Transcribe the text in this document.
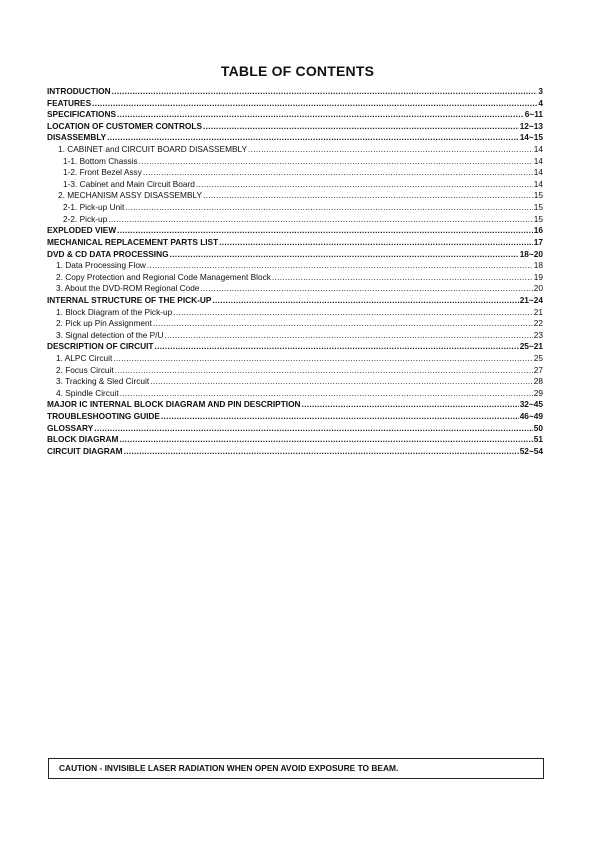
TABLE OF CONTENTS
INTRODUCTION .....	3
FEATURES .....	4
SPECIFICATIONS .....	6~11
LOCATION OF CUSTOMER CONTROLS .....	12~13
DISASSEMBLY .....	14~15
1. CABINET and CIRCUIT BOARD DISASSEMBLY .....	14
1-1. Bottom Chassis .....	14
1-2. Front Bezel Assy .....	14
1-3. Cabinet and Main Circuit Board .....	14
2. MECHANISM ASSY DISASSEMBLY .....	15
2-1. Pick-up Unit .....	15
2-2. Pick-up .....	15
EXPLODED VIEW .....	16
MECHANICAL REPLACEMENT PARTS LIST .....	17
DVD & CD DATA PROCESSING .....	18~20
1. Data Processing Flow .....	18
2. Copy Protection and Regional Code Management Block .....	19
3. About the DVD-ROM Regional Code .....	20
INTERNAL STRUCTURE OF THE PICK-UP .....	21~24
1. Block Diagram of the Pick-up .....	21
2. Pick up Pin Assignment .....	22
3. Signal detection of the P/U .....	23
DESCRIPTION OF CIRCUIT .....	25~21
1. ALPC Circuit .....	25
2. Focus Circuit .....	27
3. Tracking & Sled Circuit .....	28
4. Spindle Circuit .....	29
MAJOR IC INTERNAL BLOCK DIAGRAM AND PIN DESCRIPTION .....	32~45
TROUBLESHOOTING GUIDE .....	46~49
GLOSSARY .....	50
BLOCK DIAGRAM .....	51
CIRCUIT DIAGRAM .....	52~54
CAUTION - INVISIBLE LASER RADIATION WHEN OPEN AVOID EXPOSURE TO BEAM.
